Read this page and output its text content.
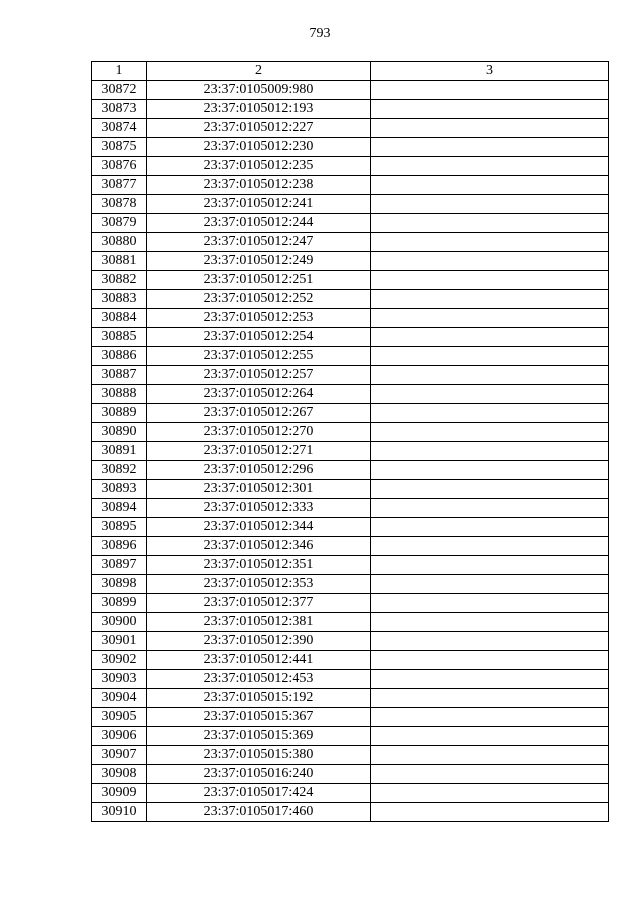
793
1	2	3
30872	23:37:0105009:980	
30873	23:37:0105012:193	
30874	23:37:0105012:227	
30875	23:37:0105012:230	
30876	23:37:0105012:235	
30877	23:37:0105012:238	
30878	23:37:0105012:241	
30879	23:37:0105012:244	
30880	23:37:0105012:247	
30881	23:37:0105012:249	
30882	23:37:0105012:251	
30883	23:37:0105012:252	
30884	23:37:0105012:253	
30885	23:37:0105012:254	
30886	23:37:0105012:255	
30887	23:37:0105012:257	
30888	23:37:0105012:264	
30889	23:37:0105012:267	
30890	23:37:0105012:270	
30891	23:37:0105012:271	
30892	23:37:0105012:296	
30893	23:37:0105012:301	
30894	23:37:0105012:333	
30895	23:37:0105012:344	
30896	23:37:0105012:346	
30897	23:37:0105012:351	
30898	23:37:0105012:353	
30899	23:37:0105012:377	
30900	23:37:0105012:381	
30901	23:37:0105012:390	
30902	23:37:0105012:441	
30903	23:37:0105012:453	
30904	23:37:0105015:192	
30905	23:37:0105015:367	
30906	23:37:0105015:369	
30907	23:37:0105015:380	
30908	23:37:0105016:240	
30909	23:37:0105017:424	
30910	23:37:0105017:460	
